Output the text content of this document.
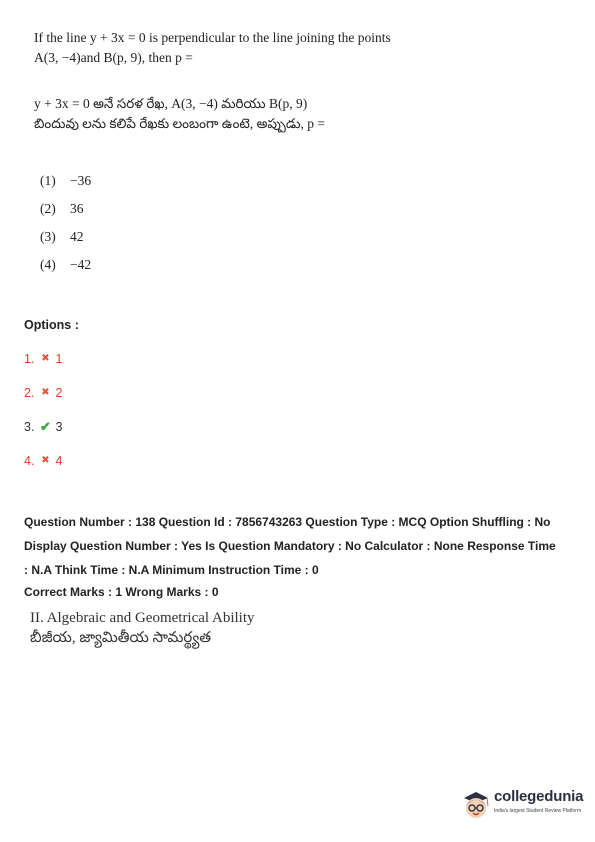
If the line y + 3x = 0 is perpendicular to the line joining the points
A(3, −4)and B(p, 9), then p =
y + 3x = 0 అనే సరళ రేఖ, A(3, −4) మరియు B(p, 9)
బిందువు లను కలిపే రేఖకు లంబంగా ఉంటె, అప్పుడు, p =
(1)	−36
(2)	36
(3)	42
(4)	−42
Options :
1. ✖ 1
2. ✖ 2
3. ✔ 3
4. ✖ 4
Question Number : 138 Question Id : 7856743263 Question Type : MCQ Option Shuffling : No
Display Question Number : Yes Is Question Mandatory : No Calculator : None Response Time
: N.A Think Time : N.A Minimum Instruction Time : 0
Correct Marks : 1 Wrong Marks : 0
II. Algebraic and Geometrical Ability
బీజీయ, జ్యామితీయ సామర్థ్యత
collegedunia
India's largest Student Review Platform
